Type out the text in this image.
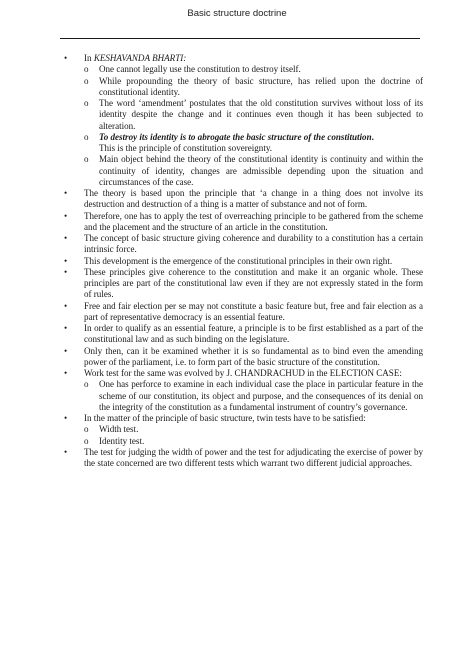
Basic structure doctrine
• In KESHAVANDA BHARTI:
o One cannot legally use the constitution to destroy itself.
o While propounding the theory of basic structure, has relied upon the doctrine of constitutional identity.
o The word ‘amendment’ postulates that the old constitution survives without loss of its identity despite the change and it continues even though it has been subjected to alteration.
o To destroy its identity is to abrogate the basic structure of the constitution.
This is the principle of constitution sovereignty.
o Main object behind the theory of the constitutional identity is continuity and within the continuity of identity, changes are admissible depending upon the situation and circumstances of the case.
• The theory is based upon the principle that ‘a change in a thing does not involve its destruction and destruction of a thing is a matter of substance and not of form.
• Therefore, one has to apply the test of overreaching principle to be gathered from the scheme and the placement and the structure of an article in the constitution.
• The concept of basic structure giving coherence and durability to a constitution has a certain intrinsic force.
• This development is the emergence of the constitutional principles in their own right.
• These principles give coherence to the constitution and make it an organic whole. These principles are part of the constitutional law even if they are not expressly stated in the form of rules.
• Free and fair election per se may not constitute a basic feature but, free and fair election as a part of representative democracy is an essential feature.
• In order to qualify as an essential feature, a principle is to be first established as a part of the constitutional law and as such binding on the legislature.
• Only then, can it be examined whether it is so fundamental as to bind even the amending power of the parliament, i.e. to form part of the basic structure of the constitution.
• Work test for the same was evolved by J. CHANDRACHUD in the ELECTION CASE:
o One has perforce to examine in each individual case the place in particular feature in the scheme of our constitution, its object and purpose, and the consequences of its denial on the integrity of the constitution as a fundamental instrument of country’s governance.
• In the matter of the principle of basic structure, twin tests have to be satisfied:
o Width test.
o Identity test.
• The test for judging the width of power and the test for adjudicating the exercise of power by the state concerned are two different tests which warrant two different judicial approaches.
